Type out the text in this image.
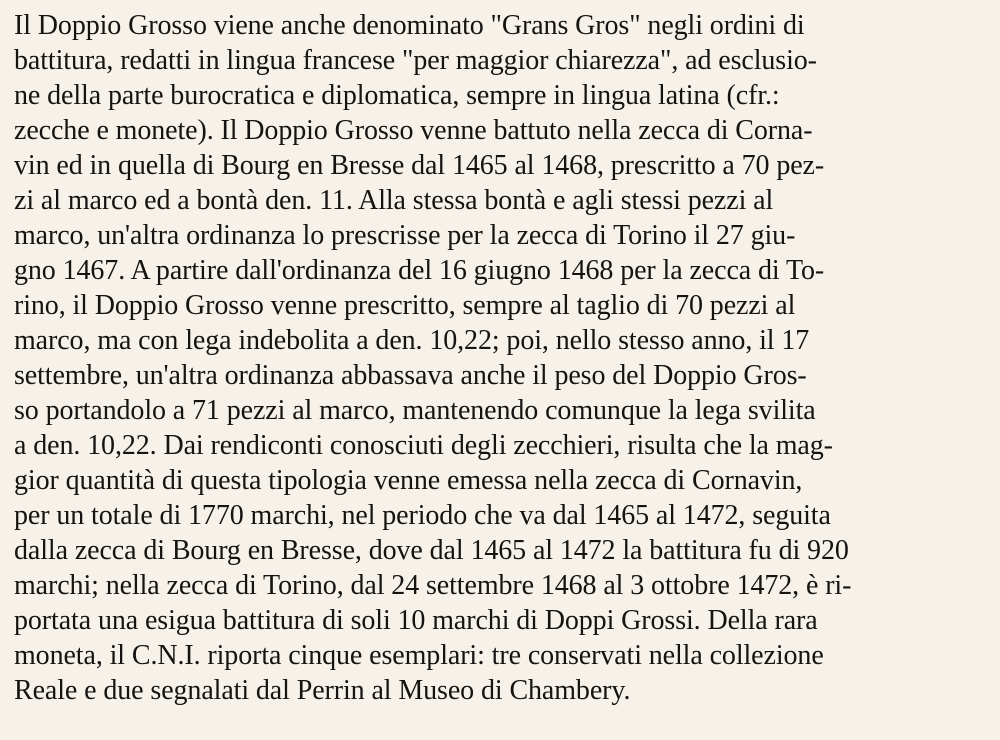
Il Doppio Grosso viene anche denominato "Grans Gros" negli ordini di
battitura, redatti in lingua francese "per maggior chiarezza", ad esclusio-
ne della parte burocratica e diplomatica, sempre in lingua latina (cfr.:
zecche e monete). Il Doppio Grosso venne battuto nella zecca di Corna-
vin ed in quella di Bourg en Bresse dal 1465 al 1468, prescritto a 70 pez-
zi al marco ed a bontà den. 11. Alla stessa bontà e agli stessi pezzi al
marco, un'altra ordinanza lo prescrisse per la zecca di Torino il 27 giu-
gno 1467. A partire dall'ordinanza del 16 giugno 1468 per la zecca di To-
rino, il Doppio Grosso venne prescritto, sempre al taglio di 70 pezzi al
marco, ma con lega indebolita a den. 10,22; poi, nello stesso anno, il 17
settembre, un'altra ordinanza abbassava anche il peso del Doppio Gros-
so portandolo a 71 pezzi al marco, mantenendo comunque la lega svilita
a den. 10,22. Dai rendiconti conosciuti degli zecchieri, risulta che la mag-
gior quantità di questa tipologia venne emessa nella zecca di Cornavin,
per un totale di 1770 marchi, nel periodo che va dal 1465 al 1472, seguita
dalla zecca di Bourg en Bresse, dove dal 1465 al 1472 la battitura fu di 920
marchi; nella zecca di Torino, dal 24 settembre 1468 al 3 ottobre 1472, è ri-
portata una esigua battitura di soli 10 marchi di Doppi Grossi. Della rara
moneta, il C.N.I. riporta cinque esemplari: tre conservati nella collezione
Reale e due segnalati dal Perrin al Museo di Chambery.
